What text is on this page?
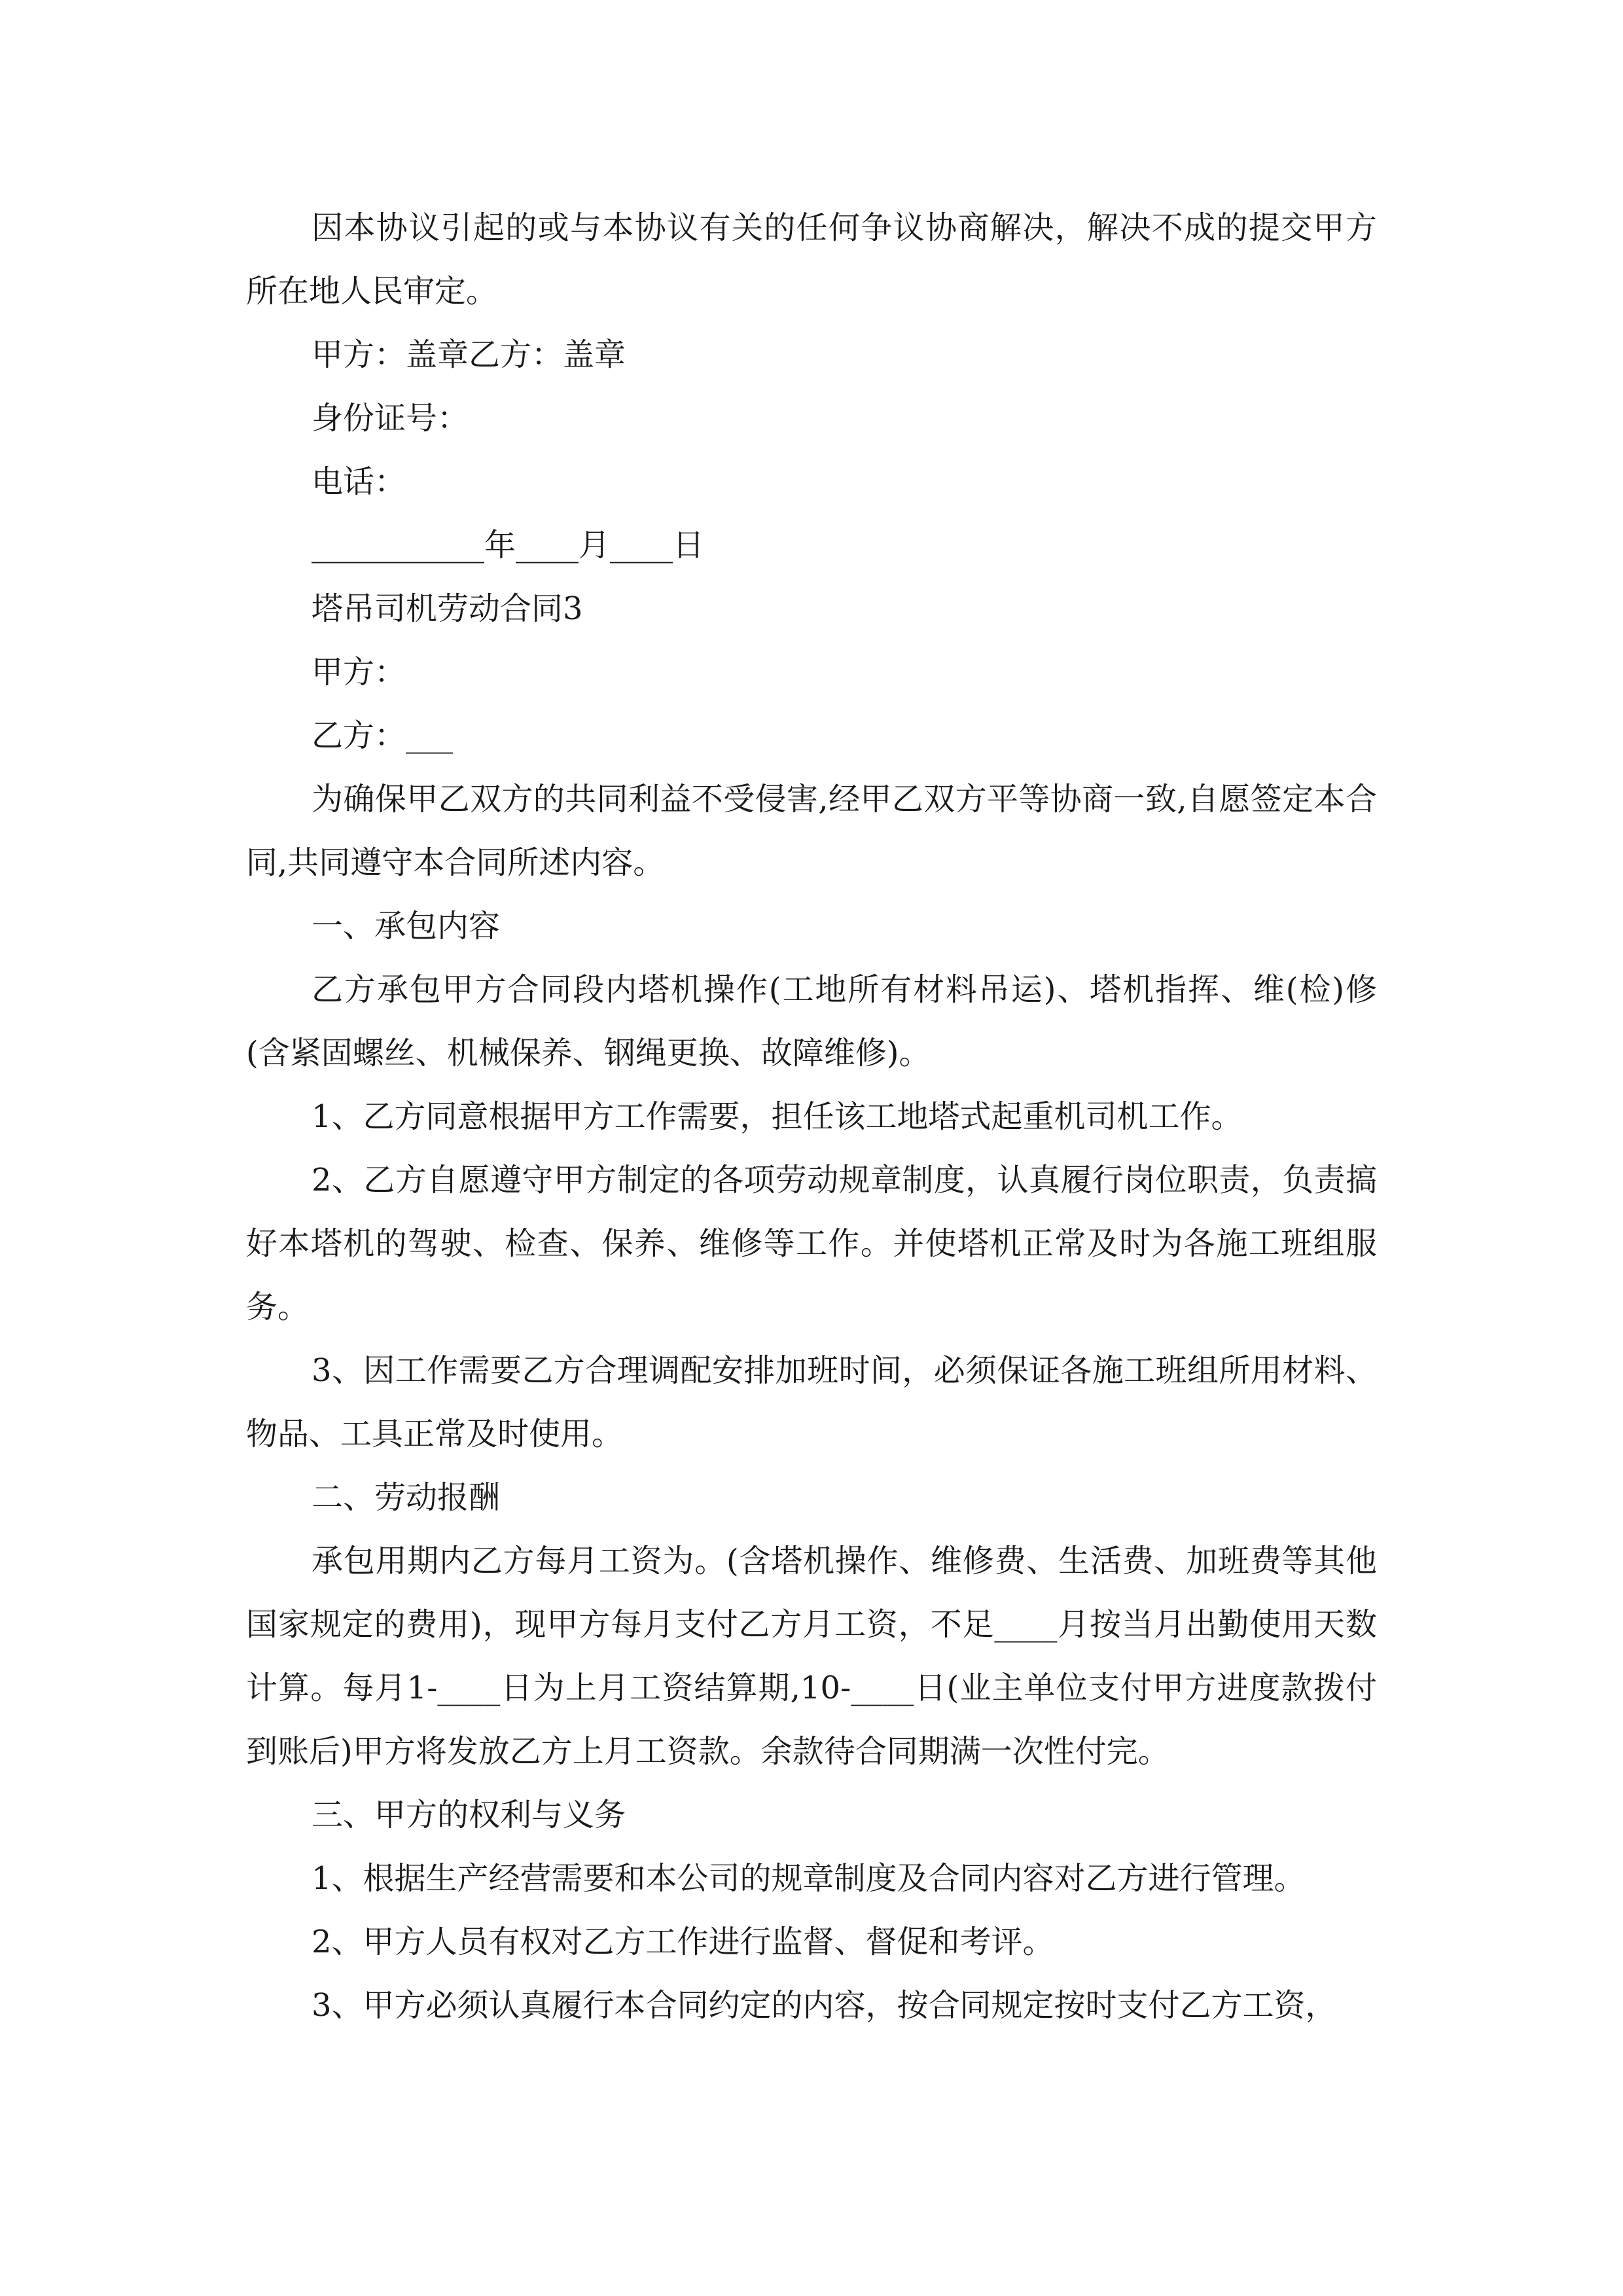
因本协议引起的或与本协议有关的任何争议协商解决，解决不成的提交甲方所在地人民审定。

甲方：盖章乙方：盖章

身份证号：

电话：

___________年____月____日

塔吊司机劳动合同3

甲方：

乙方：___

为确保甲乙双方的共同利益不受侵害,经甲乙双方平等协商一致,自愿签定本合同,共同遵守本合同所述内容。

一、承包内容

乙方承包甲方合同段内塔机操作(工地所有材料吊运)、塔机指挥、维(检)修(含紧固螺丝、机械保养、钢绳更换、故障维修)。

1、乙方同意根据甲方工作需要，担任该工地塔式起重机司机工作。

2、乙方自愿遵守甲方制定的各项劳动规章制度，认真履行岗位职责，负责搞好本塔机的驾驶、检查、保养、维修等工作。并使塔机正常及时为各施工班组服务。

3、因工作需要乙方合理调配安排加班时间，必须保证各施工班组所用材料、物品、工具正常及时使用。

二、劳动报酬

承包用期内乙方每月工资为。(含塔机操作、维修费、生活费、加班费等其他国家规定的费用)，现甲方每月支付乙方月工资，不足____月按当月出勤使用天数计算。每月1-____日为上月工资结算期,10-____日(业主单位支付甲方进度款拨付到账后)甲方将发放乙方上月工资款。余款待合同期满一次性付完。

三、甲方的权利与义务

1、根据生产经营需要和本公司的规章制度及合同内容对乙方进行管理。

2、甲方人员有权对乙方工作进行监督、督促和考评。

3、甲方必须认真履行本合同约定的内容，按合同规定按时支付乙方工资，
